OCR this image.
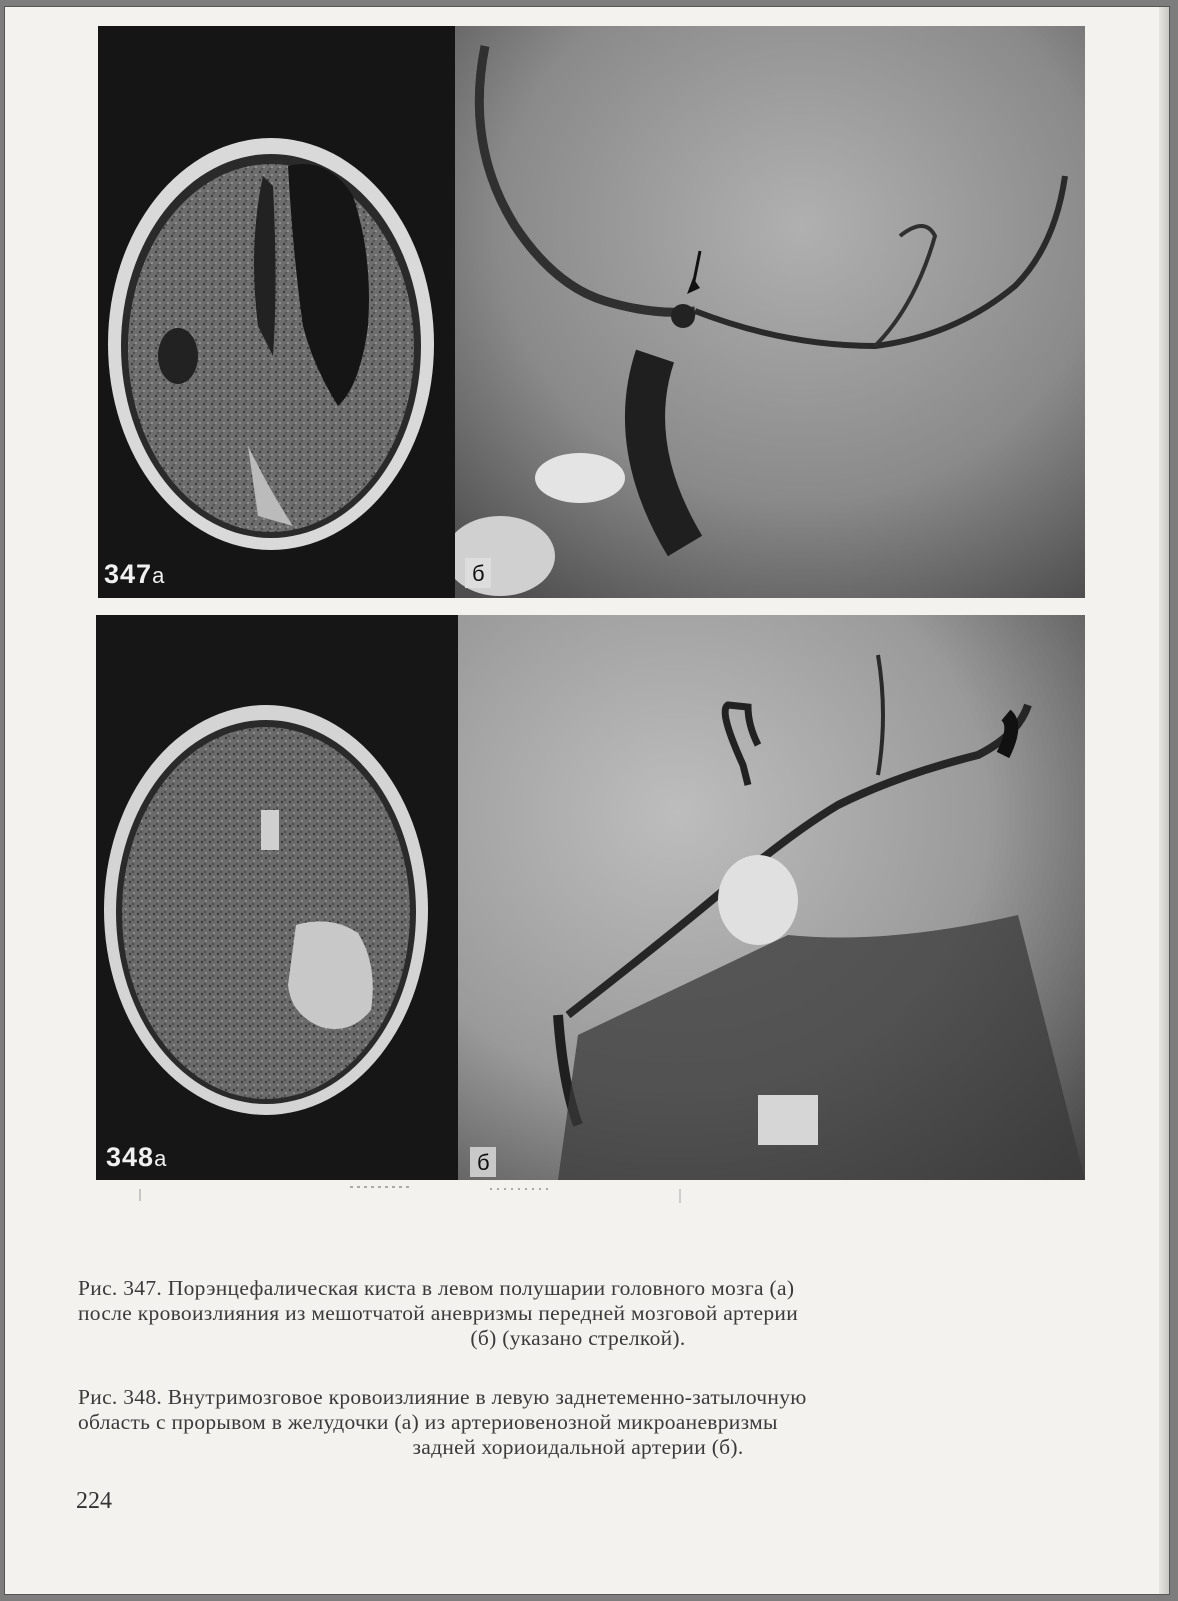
347а	б
348а	б

Рис. 347. Порэнцефалическая киста в левом полушарии головного мозга (а)

после кровоизлияния из мешотчатой аневризмы передней мозговой артерии

(б) (указано стрелкой).

Рис. 348. Внутримозговое кровоизлияние в левую заднетеменно-затылочную

область с прорывом в желудочки (а) из артериовенозной микроаневризмы

задней хориоидальной артерии (б).

224
